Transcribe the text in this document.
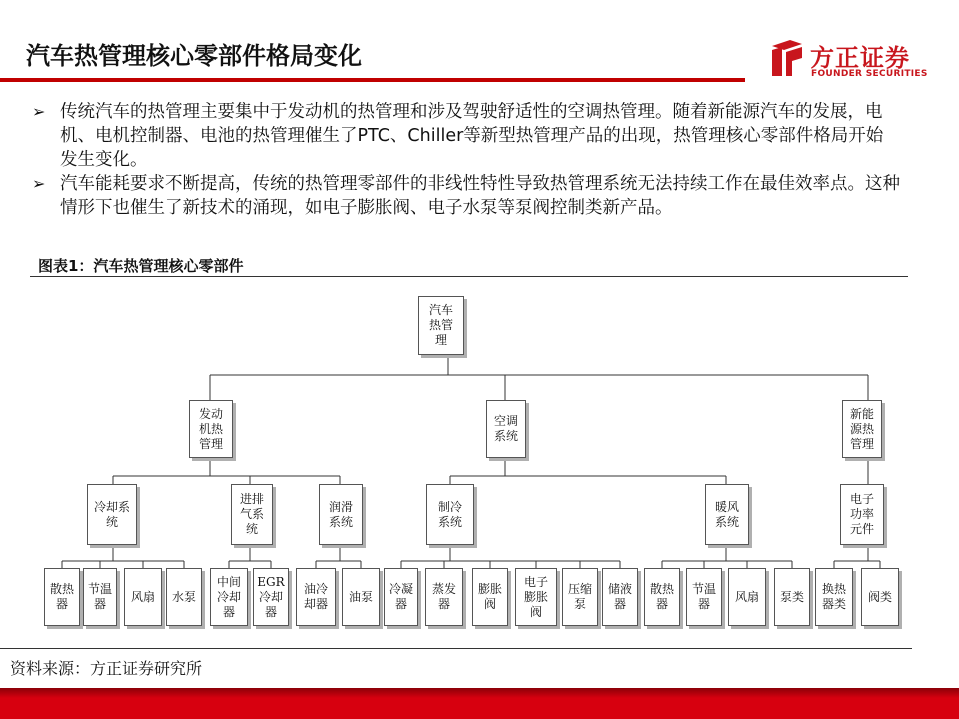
汽车热管理核心零部件格局变化	方正证券
FOUNDER SECURITIES

➢ 传统汽车的热管理主要集中于发动机的热管理和涉及驾驶舒适性的空调热管理。随着新能源汽车的发展，电机、电机控制器、电池的热管理催生了PTC、Chiller等新型热管理产品的出现，热管理核心零部件格局开始发生变化。

➢ 汽车能耗要求不断提高，传统的热管理零部件的非线性特性导致热管理系统无法持续工作在最佳效率点。这种情形下也催生了新技术的涌现，如电子膨胀阀、电子水泵等泵阀控制类新产品。

图表1：汽车热管理核心零部件
汽车
热管
理
发动
机热
管理
空调
系统
新能
源热
管理
冷却系
统
进排
气系
统
润滑
系统
制冷
系统
暖风
系统
电子
功率
元件
散热
器
节温
器
风扇	水泵
中间
冷却
器
EGR
冷却
器
油冷
却器
油泵
冷凝
器
蒸发
器
膨胀
阀
电子
膨胀
阀
压缩
泵
储液
器
散热
器
节温
器
风扇	泵类
换热
器类
阀类
资料来源：方正证券研究所
